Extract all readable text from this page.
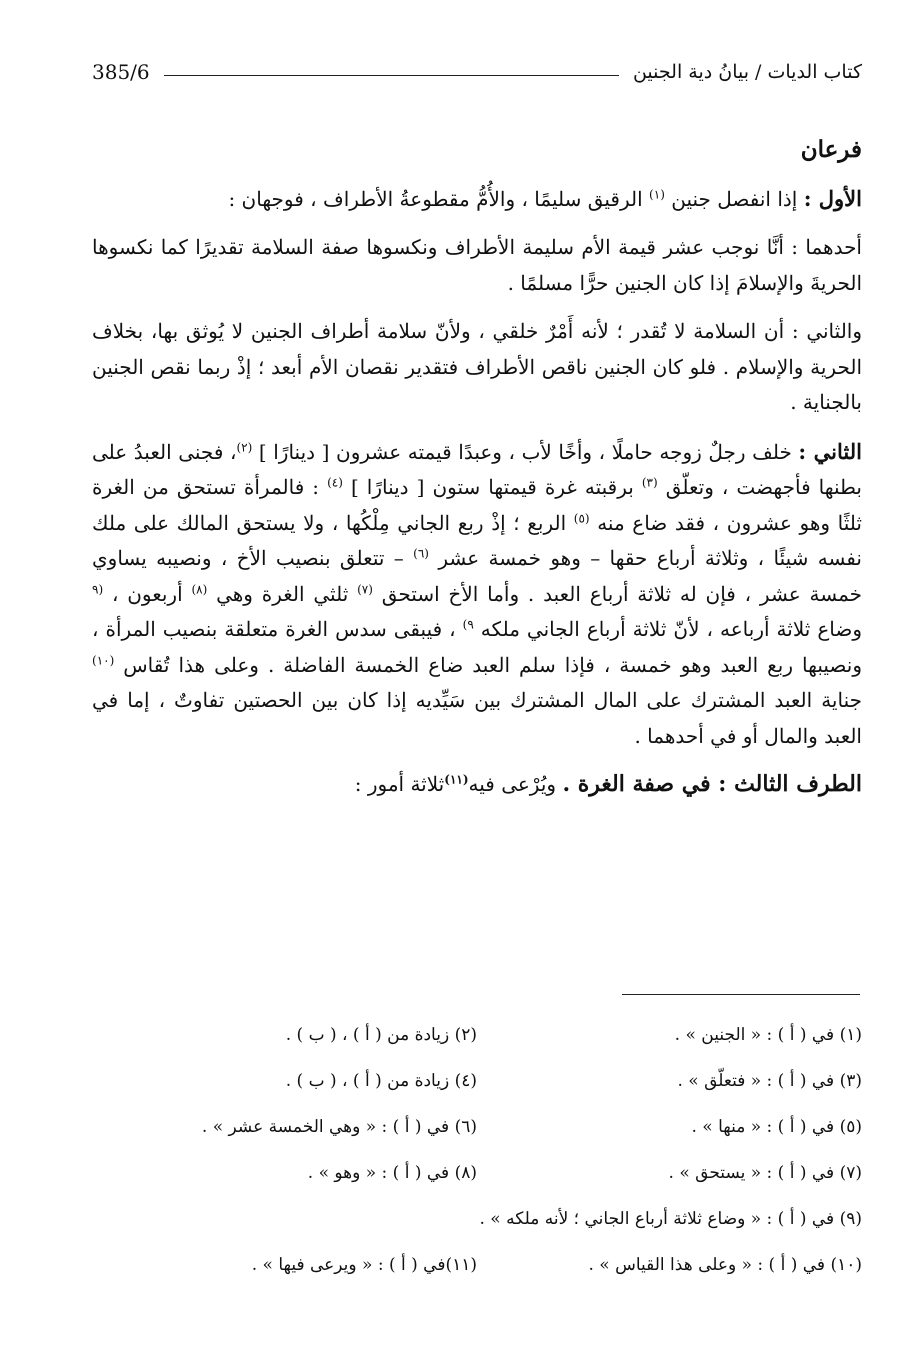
كتاب الديات / بيانُ دية الجنين
385/6

فرعان

الأول : إذا انفصل جنين $^{(١)}$ الرقيق سليمًا ، والأُمُّ مقطوعةُ الأطراف ، فوجهان :

أحدهما : أنَّا نوجب عشر قيمة الأم سليمة الأطراف ونكسوها صفة السلامة تقديرًا كما نكسوها الحريةَ والإسلامَ إذا كان الجنين حرًّا مسلمًا .

والثاني : أن السلامة لا تُقدر ؛ لأنه أَمْرٌ خلقي ، ولأنّ سلامة أطراف الجنين لا يُوثق بها، بخلاف الحرية والإسلام . فلو كان الجنين ناقص الأطراف فتقدير نقصان الأم أبعد ؛ إذْ ربما نقص الجنين بالجناية .

الثاني : خلف رجلٌ زوجه حاملًا ، وأخًا لأب ، وعبدًا قيمته عشرون [ دينارًا ] $^{(٢)}$، فجنى العبدُ على بطنها فأجهضت ، وتعلّق $^{(٣)}$ برقبته غرة قيمتها ستون [ دينارًا ] $^{(٤)}$ : فالمرأة تستحق من الغرة ثلثًا وهو عشرون ، فقد ضاع منه $^{(٥)}$ الربع ؛ إذْ ربع الجاني مِلْكُها ، ولا يستحق المالك على ملك نفسه شيئًا ، وثلاثة أرباع حقها – وهو خمسة عشر $^{(٦)}$ – تتعلق بنصيب الأخ ، ونصيبه يساوي خمسة عشر ، فإن له ثلاثة أرباع العبد . وأما الأخ استحق $^{(٧)}$ ثلثي الغرة وهي $^{(٨)}$ أربعون ، $^{(٩}$ وضاع ثلاثة أرباعه ، لأنّ ثلاثة أرباع الجاني ملكه $^{٩)}$ ، فيبقى سدس الغرة متعلقة بنصيب المرأة ، ونصيبها ربع العبد وهو خمسة ، فإذا سلم العبد ضاع الخمسة الفاضلة . وعلى هذا تُقاس $^{(١٠)}$ جناية العبد المشترك على المال المشترك بين سَيِّديه إذا كان بين الحصتين تفاوتٌ ، إما في العبد والمال أو في أحدهما .

الطرف الثالث : في صفة الغرة . ويُرْعى فيه$^{(١١)}$ثلاثة أمور :

(١) في ( أ ) : « الجنين » .
(٢) زيادة من ( أ ) ، ( ب ) .
(٣) في ( أ ) : « فتعلّق » .
(٤) زيادة من ( أ ) ، ( ب ) .
(٥) في ( أ ) : « منها » .
(٦) في ( أ ) : « وهي الخمسة عشر » .
(٧) في ( أ ) : « يستحق » .
(٨) في ( أ ) : « وهو » .
(٩) في ( أ ) : « وضاع ثلاثة أرباع الجاني ؛ لأنه ملكه » .
(١٠) في ( أ ) : « وعلى هذا القياس » .
(١١)في ( أ ) : « ويرعى فيها » .
